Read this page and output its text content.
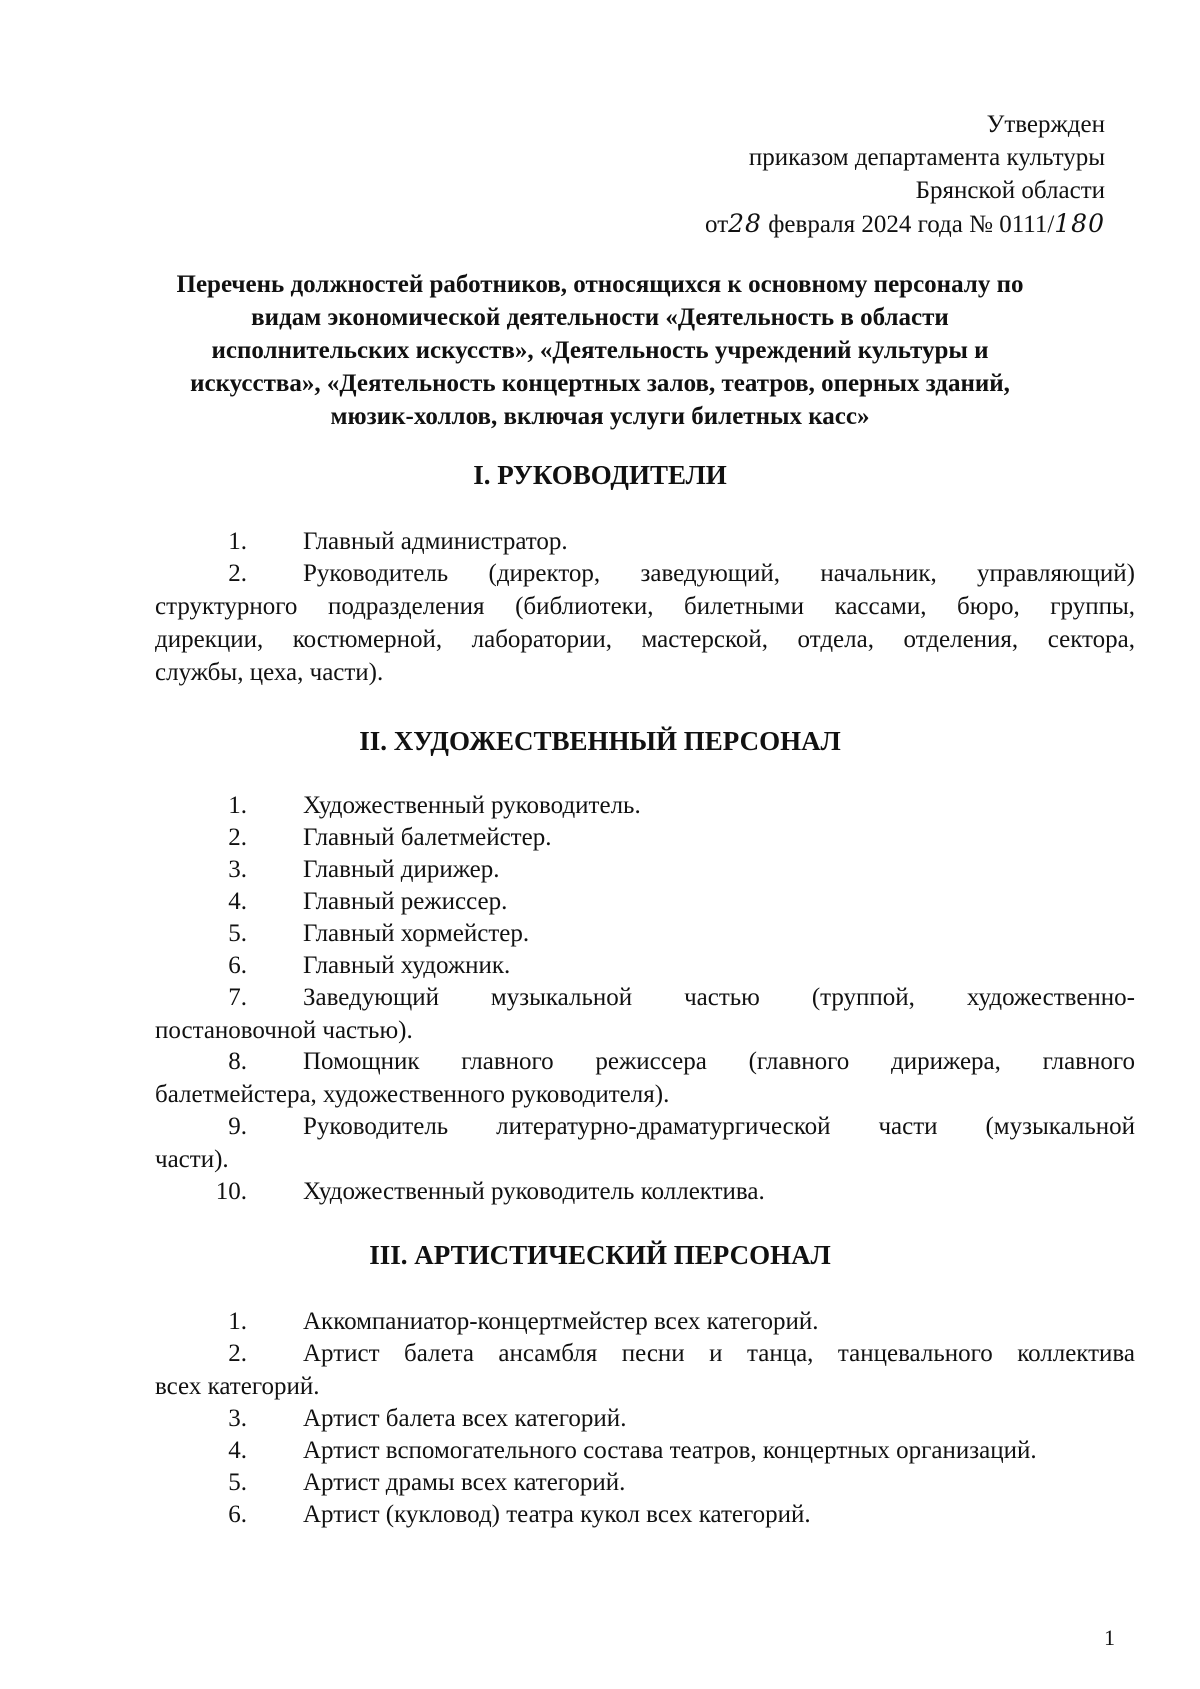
Утвержден
приказом департамента культуры
Брянской области
от28 февраля 2024 года № 0111/180
Перечень должностей работников, относящихся к основному персоналу по
видам экономической деятельности «Деятельность в области
исполнительских искусств», «Деятельность учреждений культуры и
искусства», «Деятельность концертных залов, театров, оперных зданий,
мюзик-холлов, включая услуги билетных касс»
I. РУКОВОДИТЕЛИ
1. Главный администратор.
2. Руководитель (директор, заведующий, начальник, управляющий)
структурного подразделения (библиотеки, билетными кассами, бюро, группы,
дирекции, костюмерной, лаборатории, мастерской, отдела, отделения, сектора,
службы, цеха, части).
II. ХУДОЖЕСТВЕННЫЙ ПЕРСОНАЛ
1. Художественный руководитель.
2. Главный балетмейстер.
3. Главный дирижер.
4. Главный режиссер.
5. Главный хормейстер.
6. Главный художник.
7. Заведующий музыкальной частью (труппой, художественно-
постановочной частью).
8. Помощник главного режиссера (главного дирижера, главного
балетмейстера, художественного руководителя).
9. Руководитель литературно-драматургической части (музыкальной
части).
10. Художественный руководитель коллектива.
III. АРТИСТИЧЕСКИЙ ПЕРСОНАЛ
1. Аккомпаниатор-концертмейстер всех категорий.
2. Артист балета ансамбля песни и танца, танцевального коллектива
всех категорий.
3. Артист балета всех категорий.
4. Артист вспомогательного состава театров, концертных организаций.
5. Артист драмы всех категорий.
6. Артист (кукловод) театра кукол всех категорий.
1
